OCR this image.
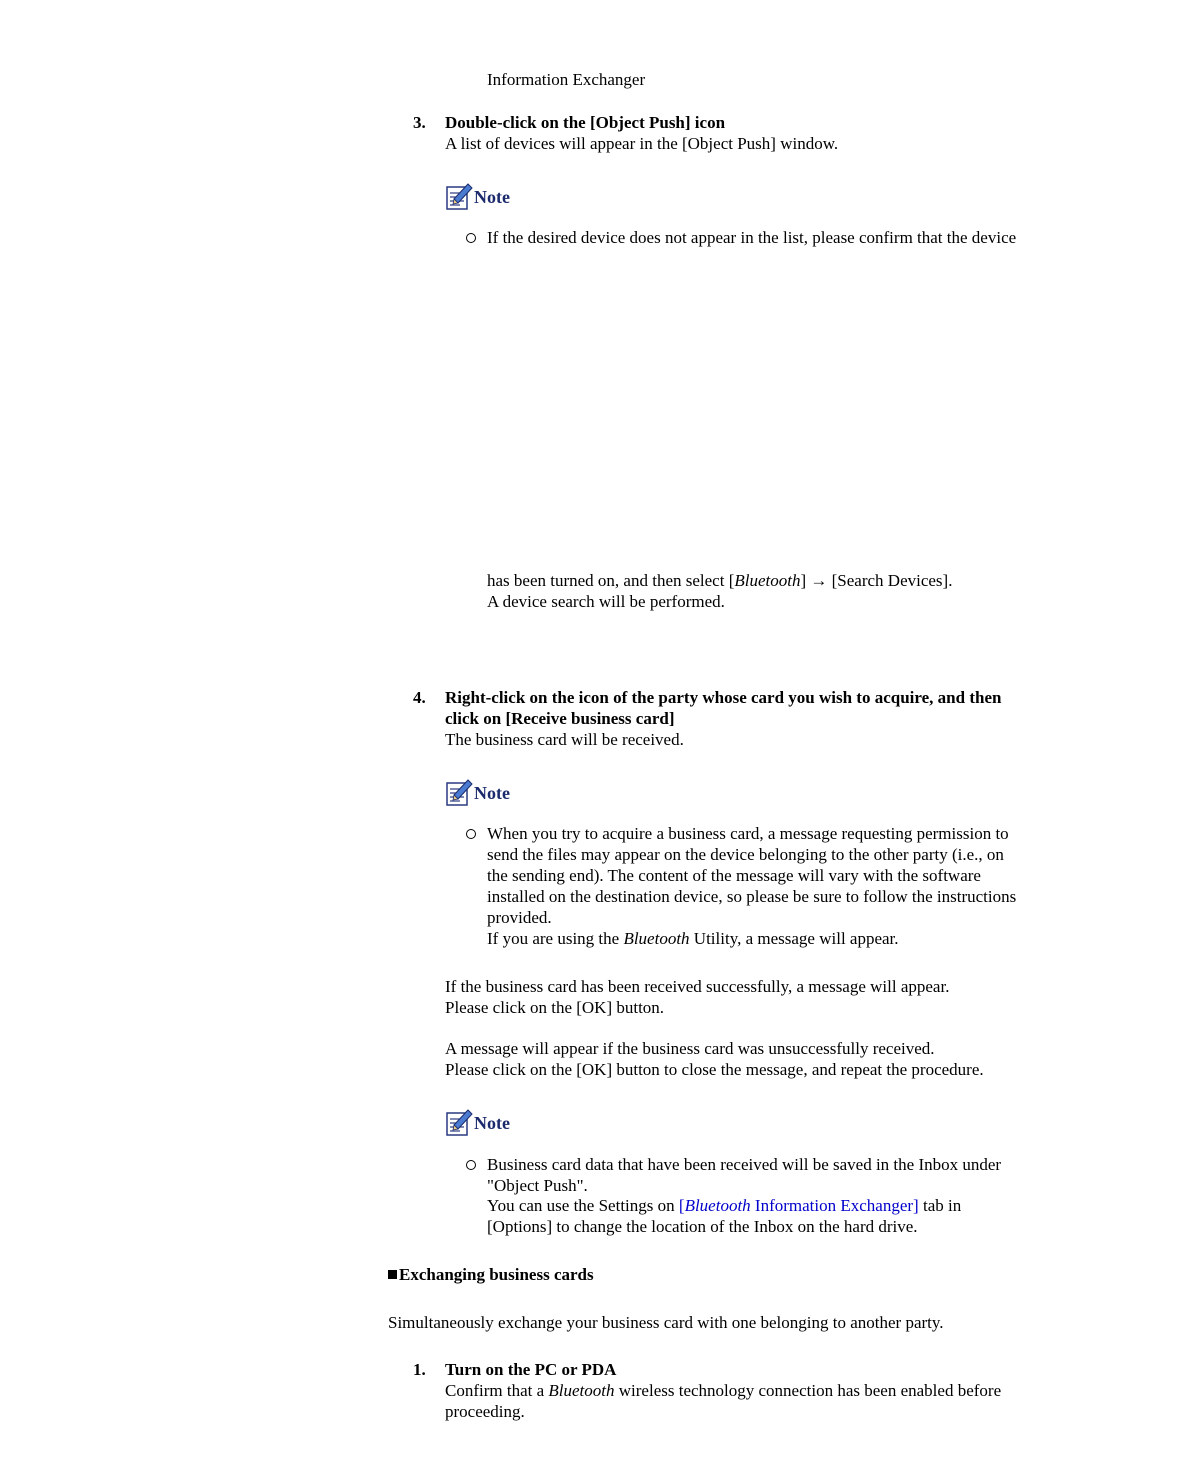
Information Exchanger
3. Double-click on the [Object Push] icon
A list of devices will appear in the [Object Push] window.
Note
If the desired device does not appear in the list, please confirm that the device
has been turned on, and then select [Bluetooth] → [Search Devices].
A device search will be performed.
4. Right-click on the icon of the party whose card you wish to acquire, and then
click on [Receive business card]
The business card will be received.
Note
When you try to acquire a business card, a message requesting permission to
send the files may appear on the device belonging to the other party (i.e., on
the sending end). The content of the message will vary with the software
installed on the destination device, so please be sure to follow the instructions
provided.
If you are using the Bluetooth Utility, a message will appear.
If the business card has been received successfully, a message will appear.
Please click on the [OK] button.
A message will appear if the business card was unsuccessfully received.
Please click on the [OK] button to close the message, and repeat the procedure.
Note
Business card data that have been received will be saved in the Inbox under
"Object Push".
You can use the Settings on [Bluetooth Information Exchanger] tab in
[Options] to change the location of the Inbox on the hard drive.
Exchanging business cards
Simultaneously exchange your business card with one belonging to another party.
1. Turn on the PC or PDA
Confirm that a Bluetooth wireless technology connection has been enabled before
proceeding.
